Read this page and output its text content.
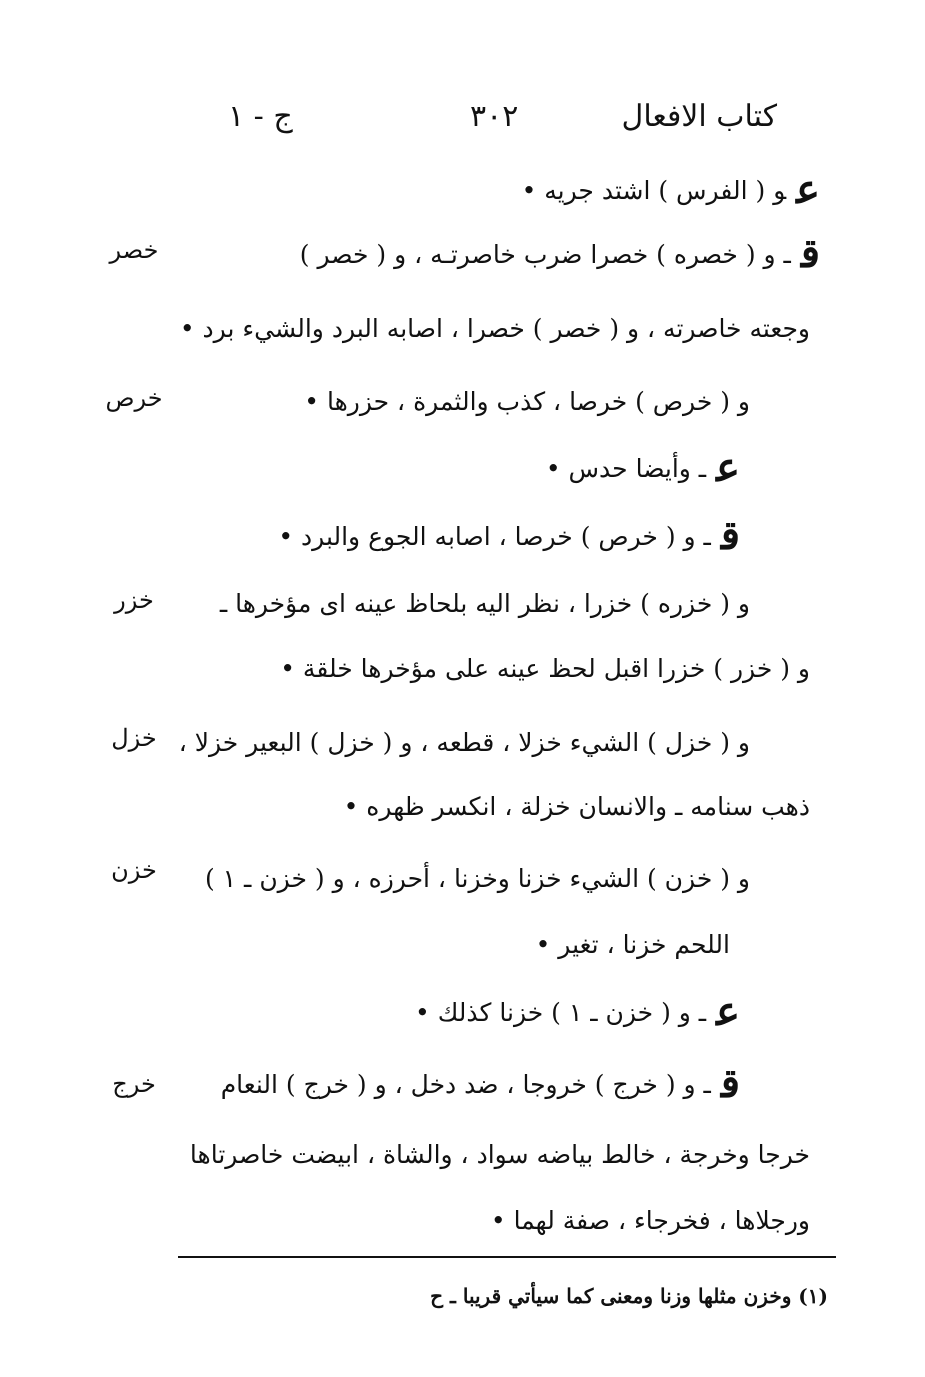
كتاب الافعال
٣٠٢
ج - ١
عو ( الفرس ) اشتد جريه •
قـ و ( خصره ) خصرا ضرب خاصرتـه ، و ( خصر )
وجعته خاصرته ، و ( خصر ) خصرا ، اصابه البرد والشيء برد •
و ( خرص ) خرصا ، كذب والثمرة ، حزرها •
عـ وأيضا حدس •
قـ و ( خرص ) خرصا ، اصابه الجوع والبرد •
و ( خزره ) خزرا ، نظر اليه بلحاظ عينه اى مؤخرها ـ
و ( خزر ) خزرا اقبل لحظ عينه على مؤخرها خلقة •
و ( خزل ) الشيء خزلا ، قطعه ، و ( خزل ) البعير خزلا ،
ذهب سنامه ـ والانسان خزلة ، انكسر ظهره •
و ( خزن ) الشيء خزنا وخزنا ، أحرزه ، و ( خزن ـ ١ )
اللحم خزنا ، تغير •
عـ و ( خزن ـ ١ ) خزنا كذلك •
قـ و ( خرج ) خروجا ، ضد دخل ، و ( خرج ) النعام
خرجا وخرجة ، خالط بياضه سواد ، والشاة ، ابيضت خاصرتاها
ورجلاها ، فخرجاء ، صفة لهما •
خصر
خرص
خزر
خزل
خزن
خرج
(١) وخزن مثلها وزنا ومعنى كما سيأتي قريبا ـ ح
